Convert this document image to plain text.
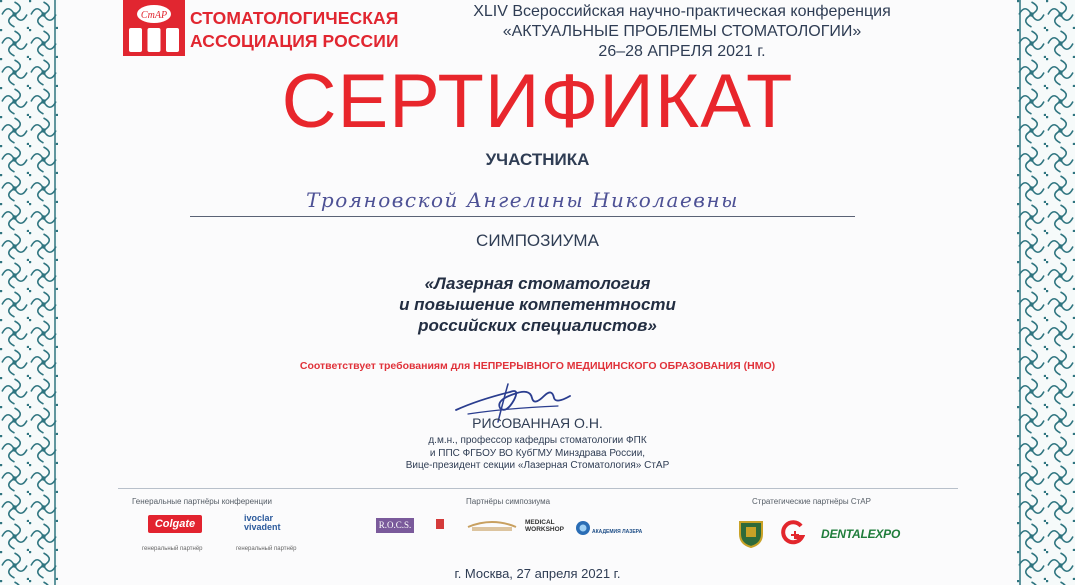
СтАР СТОМАТОЛОГИЧЕСКАЯ
АССОЦИАЦИЯ РОССИИ
XLIV Всероссийская научно-практическая конференция
«АКТУАЛЬНЫЕ ПРОБЛЕМЫ СТОМАТОЛОГИИ»
26–28 АПРЕЛЯ 2021 г.
СЕРТИФИКАТ
УЧАСТНИКА
Трояновской Ангелины Николаевны
СИМПОЗИУМА
«Лазерная стоматология
и повышение компетентности
российских специалистов»
Соответствует требованиям для НЕПРЕРЫВНОГО МЕДИЦИНСКОГО ОБРАЗОВАНИЯ (НМО)
РИСОВАННАЯ О.Н.
д.м.н., профессор кафедры стоматологии ФПК
и ППС ФГБОУ ВО КубГМУ Минздрава России,
Вице-президент секции «Лазерная Стоматология» СтАР
Генеральные партнёры конференции
Colgate
генеральный партнёр
ivoclar
vivadent
генеральный партнёр
Партнёры симпозиума
R.O.C.S.	MEDICAL
WORKSHOP	АКАДЕМИЯ ЛАЗЕРА
Стратегические партнёры СтАР
DENTALEXPO
г. Москва, 27 апреля 2021 г.
